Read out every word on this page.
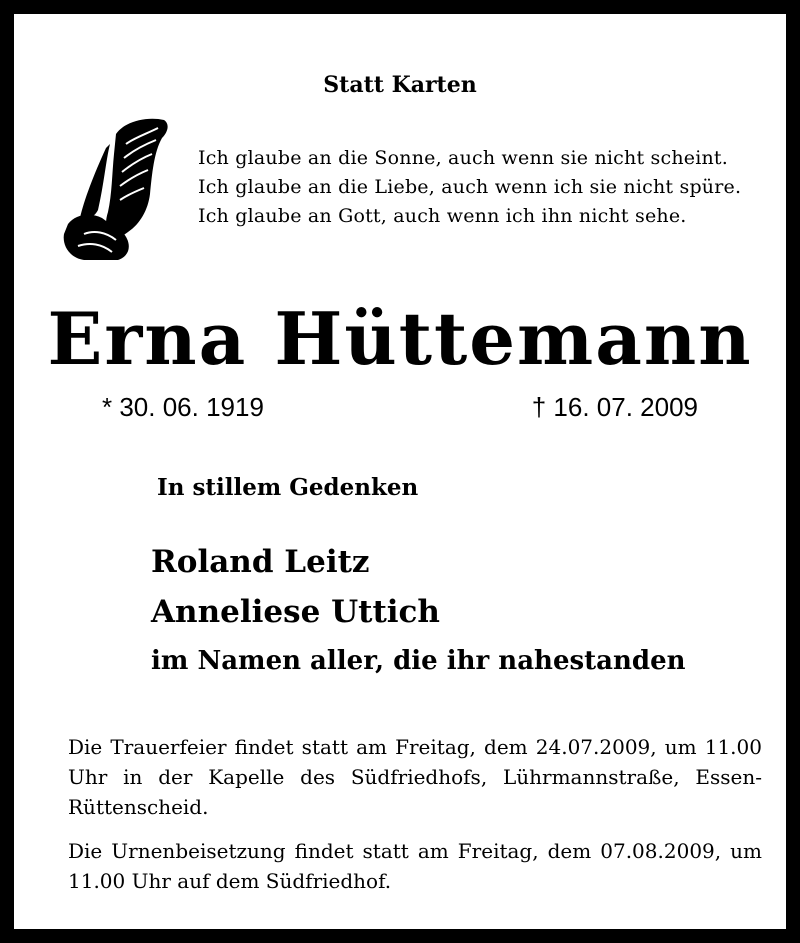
Statt Karten
Ich glaube an die Sonne, auch wenn sie nicht scheint.
Ich glaube an die Liebe, auch wenn ich sie nicht spüre.
Ich glaube an Gott, auch wenn ich ihn nicht sehe.
Erna Hüttemann
* 30. 06. 1919	† 16. 07. 2009
In stillem Gedenken
Roland Leitz
Anneliese Uttich
im Namen aller, die ihr nahestanden
Die Trauerfeier findet statt am Freitag, dem 24.07.2009, um 11.00 Uhr in der Kapelle des Südfriedhofs, Lührmannstraße, Essen-Rüttenscheid.
Die Urnenbeisetzung findet statt am Freitag, dem 07.08.2009, um 11.00 Uhr auf dem Südfriedhof.
